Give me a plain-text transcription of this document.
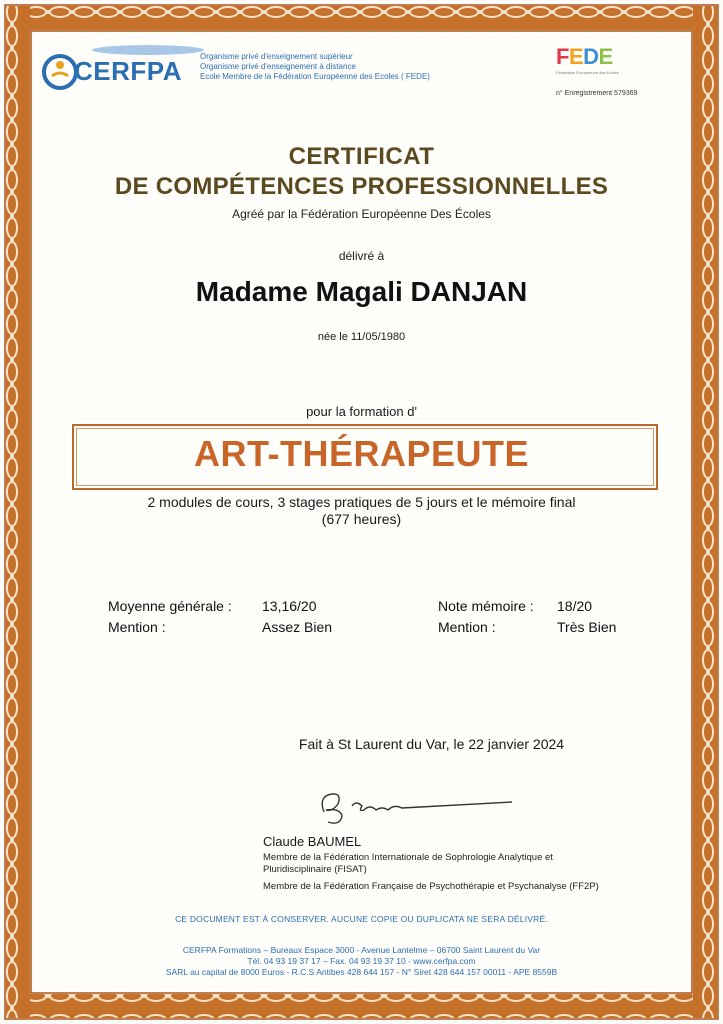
CERFPA Organisme privé d'enseignement supérieur
Organisme privé d'enseignement à distance
Ecole Membre de la Fédération Européenne des Ecoles ( FEDE)
FEDE
Fédération Européenne des Ecoles
n° Enregistrement 579369
CERTIFICAT
DE COMPÉTENCES PROFESSIONNELLES
Agréé par la Fédération Européenne Des Écoles
délivré à
Madame Magali DANJAN
née le 11/05/1980
pour la formation d'
ART-THÉRAPEUTE
2 modules de cours, 3 stages pratiques de 5 jours et le mémoire final
(677 heures)
Moyenne générale : 13,16/20
Mention :	Assez Bien
Note mémoire : 18/20
Mention :	Très Bien
Fait à St Laurent du Var, le 22 janvier 2024
Claude BAUMEL
Membre de la Fédération Internationale de Sophrologie Analytique et
Pluridisciplinaire (FISAT)
Membre de la Fédération Française de Psychothérapie et Psychanalyse (FF2P)
CE DOCUMENT EST À CONSERVER. AUCUNE COPIE OU DUPLICATA NE SERA DÉLIVRÉ.
CERFPA Formations – Bureaux Espace 3000 - Avenue Lantelme – 06700 Saint Laurent du Var
Tél. 04 93 19 37 17 – Fax. 04 93 19 37 10 - www.cerfpa.com
SARL au capital de 8000 Euros - R.C.S Antibes 428 644 157 - N° Siret 428 644 157 00011 - APE 8559B
